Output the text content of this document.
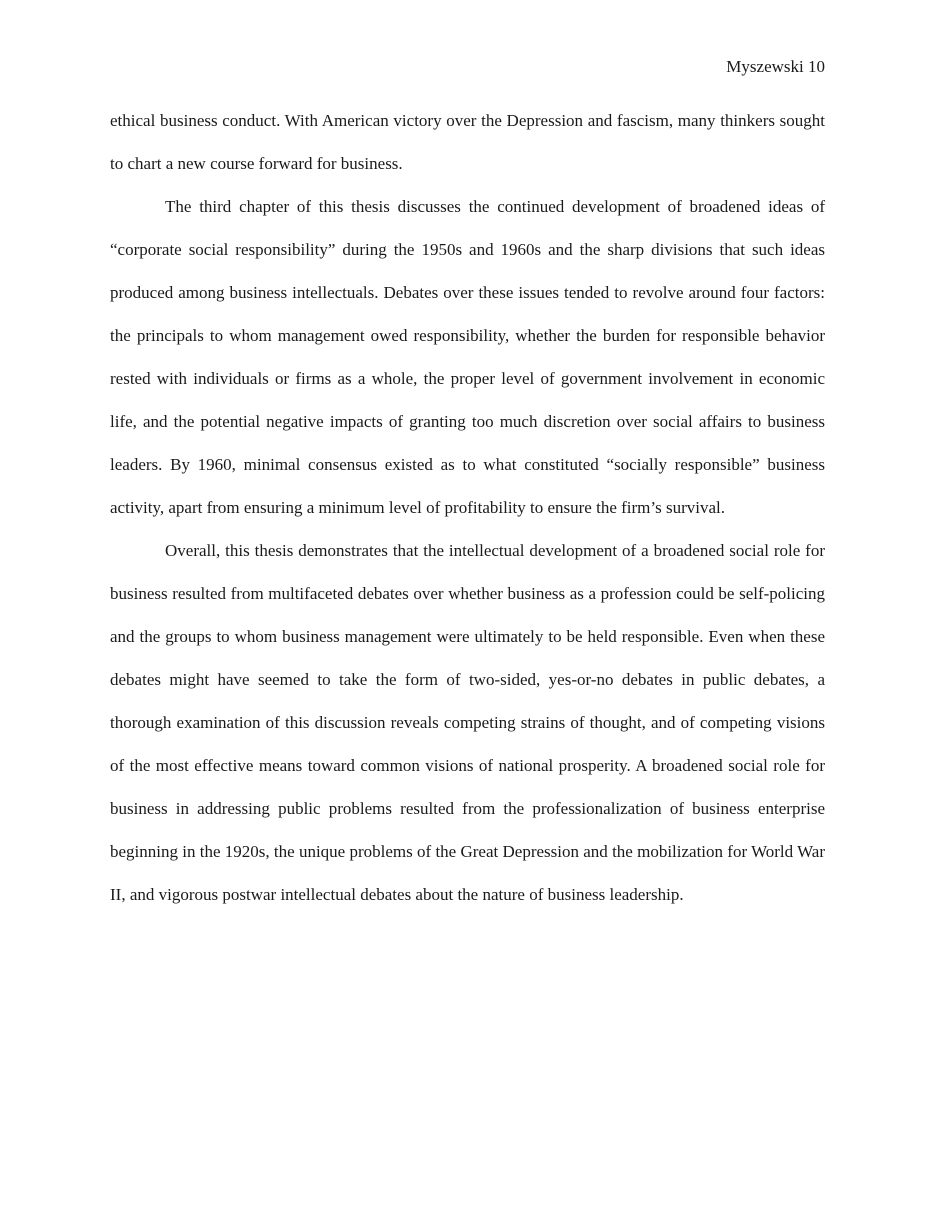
Myszewski 10

ethical business conduct. With American victory over the Depression and fascism, many thinkers sought to chart a new course forward for business.

The third chapter of this thesis discusses the continued development of broadened ideas of “corporate social responsibility” during the 1950s and 1960s and the sharp divisions that such ideas produced among business intellectuals. Debates over these issues tended to revolve around four factors: the principals to whom management owed responsibility, whether the burden for responsible behavior rested with individuals or firms as a whole, the proper level of government involvement in economic life, and the potential negative impacts of granting too much discretion over social affairs to business leaders. By 1960, minimal consensus existed as to what constituted “socially responsible” business activity, apart from ensuring a minimum level of profitability to ensure the firm’s survival.

Overall, this thesis demonstrates that the intellectual development of a broadened social role for business resulted from multifaceted debates over whether business as a profession could be self-policing and the groups to whom business management were ultimately to be held responsible. Even when these debates might have seemed to take the form of two-sided, yes-or-no debates in public debates, a thorough examination of this discussion reveals competing strains of thought, and of competing visions of the most effective means toward common visions of national prosperity. A broadened social role for business in addressing public problems resulted from the professionalization of business enterprise beginning in the 1920s, the unique problems of the Great Depression and the mobilization for World War II, and vigorous postwar intellectual debates about the nature of business leadership.
